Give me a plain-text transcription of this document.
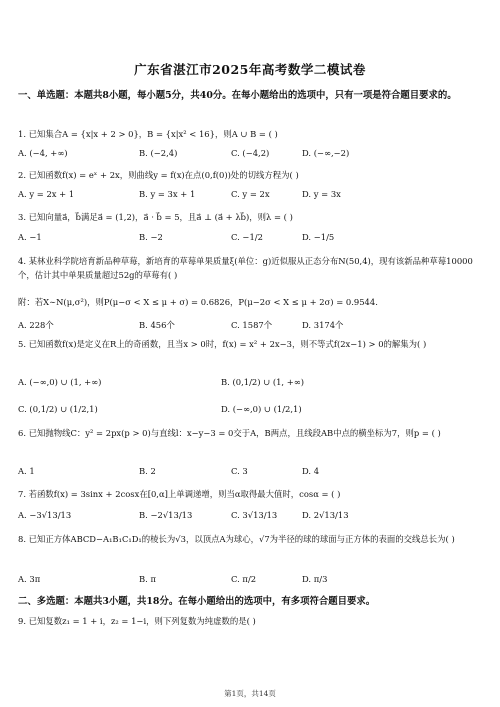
广东省湛江市2025年高考数学二模试卷
一、单选题：本题共8小题，每小题5分，共40分。在每小题给出的选项中，只有一项是符合题目要求的。
1. 已知集合A = {x|x + 2 > 0}，B = {x|x² < 16}，则A ∪ B = ( )
A. (−4, +∞)	B. (−2,4)	C. (−4,2)	D. (−∞,−2)
2. 已知函数f(x) = eˣ + 2x，则曲线y = f(x)在点(0,f(0))处的切线方程为( )
A. y = 2x + 1	B. y = 3x + 1	C. y = 2x	D. y = 3x
3. 已知向量a⃗，b⃗满足a⃗ = (1,2)，a⃗ · b⃗ = 5，且a⃗ ⊥ (a⃗ + λb⃗)，则λ = ( )
A. −1	B. −2	C. −1/2	D. −1/5
4. 某林业科学院培育新品种草莓，新培育的草莓单果质量ξ(单位：g)近似服从正态分布N(50,4)，现有该新品种草莓10000个，估计其中单果质量超过52g的草莓有( )
附：若X∼N(μ,σ²)，则P(μ−σ < X ≤ μ + σ) = 0.6826，P(μ−2σ < X ≤ μ + 2σ) = 0.9544.
A. 228个	B. 456个	C. 1587个	D. 3174个
5. 已知函数f(x)是定义在R上的奇函数，且当x > 0时，f(x) = x² + 2x−3，则不等式f(2x−1) > 0的解集为( )
A. (−∞,0) ∪ (1, +∞)	B. (0,1/2) ∪ (1, +∞)
C. (0,1/2) ∪ (1/2,1)	D. (−∞,0) ∪ (1/2,1)
6. 已知抛物线C：y² = 2px(p > 0)与直线l：x−y−3 = 0交于A，B两点，且线段AB中点的横坐标为7，则p = ( )
A. 1	B. 2	C. 3	D. 4
7. 若函数f(x) = 3sinx + 2cosx在[0,α]上单调递增，则当α取得最大值时，cosα = ( )
A. −3√13/13	B. −2√13/13	C. 3√13/13	D. 2√13/13
8. 已知正方体ABCD−A₁B₁C₁D₁的棱长为√3，以顶点A为球心，√7为半径的球的球面与正方体的表面的交线总长为( )
A. 3π	B. π	C. π/2	D. π/3
二、多选题：本题共3小题，共18分。在每小题给出的选项中，有多项符合题目要求。
9. 已知复数z₁ = 1 + i，z₂ = 1−i，则下列复数为纯虚数的是( )
第1页，共14页
